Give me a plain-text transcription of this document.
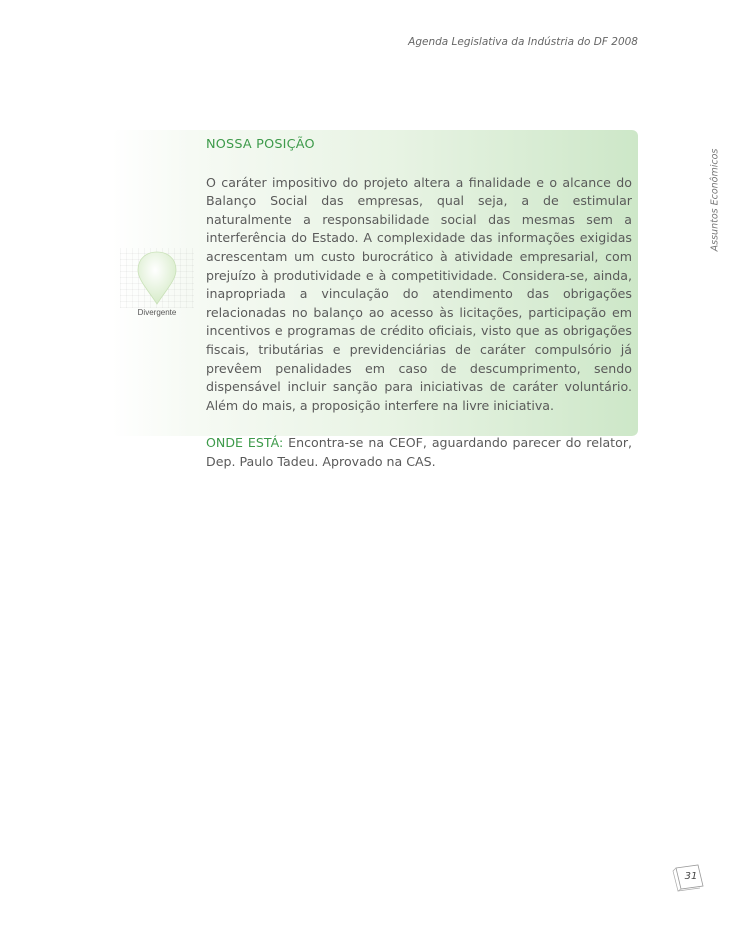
Agenda Legislativa da Indústria do DF 2008
Assuntos Econômicos
Divergente
NOSSA POSIÇÃO

O caráter impositivo do projeto altera a finalidade e o alcance do Balanço Social das empresas, qual seja, a de estimular naturalmente a responsabilidade social das mesmas sem a interferência do Estado. A complexidade das informações exigidas acrescentam um custo burocrático à atividade empresarial, com prejuízo à produtividade e à competitividade. Considera-se, ainda, inapropriada a vinculação do atendimento das obrigações relacionadas no balanço ao acesso às licitações, participação em incentivos e programas de crédito oficiais, visto que as obrigações fiscais, tributárias e previdenciárias de caráter compulsório já prevêem penalidades em caso de descumprimento, sendo dispensável incluir sanção para iniciativas de caráter voluntário. Além do mais, a proposição interfere na livre iniciativa.

ONDE ESTÁ: Encontra-se na CEOF, aguardando parecer do relator, Dep. Paulo Tadeu. Aprovado na CAS.

31
